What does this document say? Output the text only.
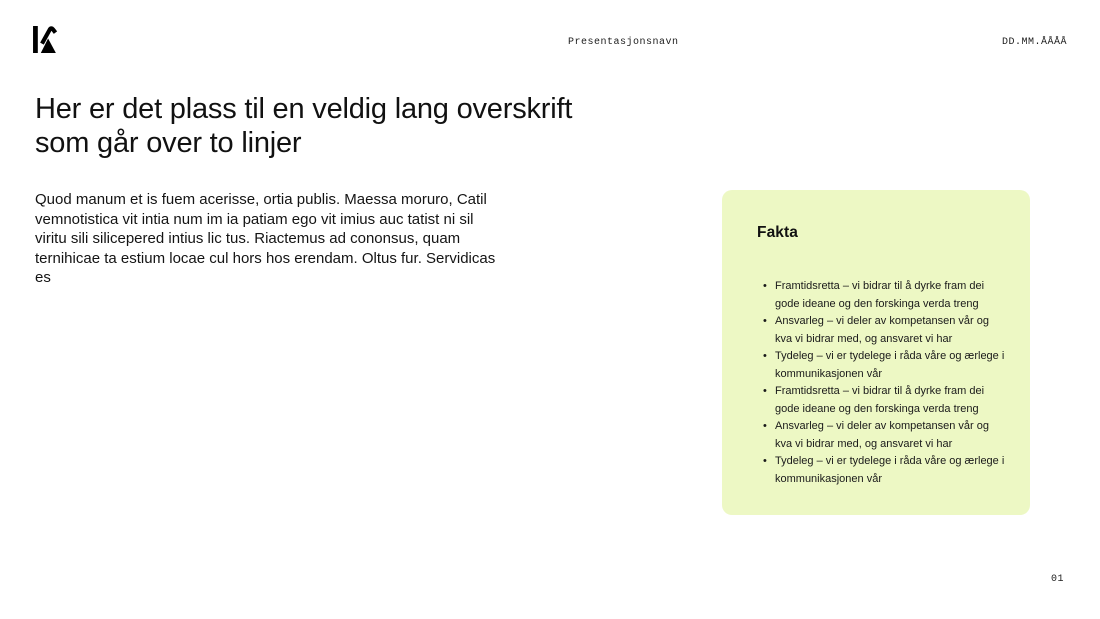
Presentasjonsnavn	DD.MM.ÅÅÅÅ
Her er det plass til en veldig lang overskrift
som går over to linjer

Quod manum et is fuem acerisse, ortia publis. Maessa moruro, Catil vemnotistica vit intia num im ia patiam ego vit imius auc tatist ni sil viritu sili silicepered intius lic tus. Riactemus ad cononsus, quam ternihicae ta estium locae cul hors hos erendam. Oltus fur. Servidicas es

Fakta
• Framtidsretta – vi bidrar til å dyrke fram dei gode ideane og den forskinga verda treng
• Ansvarleg – vi deler av kompetansen vår og kva vi bidrar med, og ansvaret vi har
• Tydeleg – vi er tydelege i råda våre og ærlege i kommunikasjonen vår
• Framtidsretta – vi bidrar til å dyrke fram dei gode ideane og den forskinga verda treng
• Ansvarleg – vi deler av kompetansen vår og kva vi bidrar med, og ansvaret vi har
• Tydeleg – vi er tydelege i råda våre og ærlege i kommunikasjonen vår
01
